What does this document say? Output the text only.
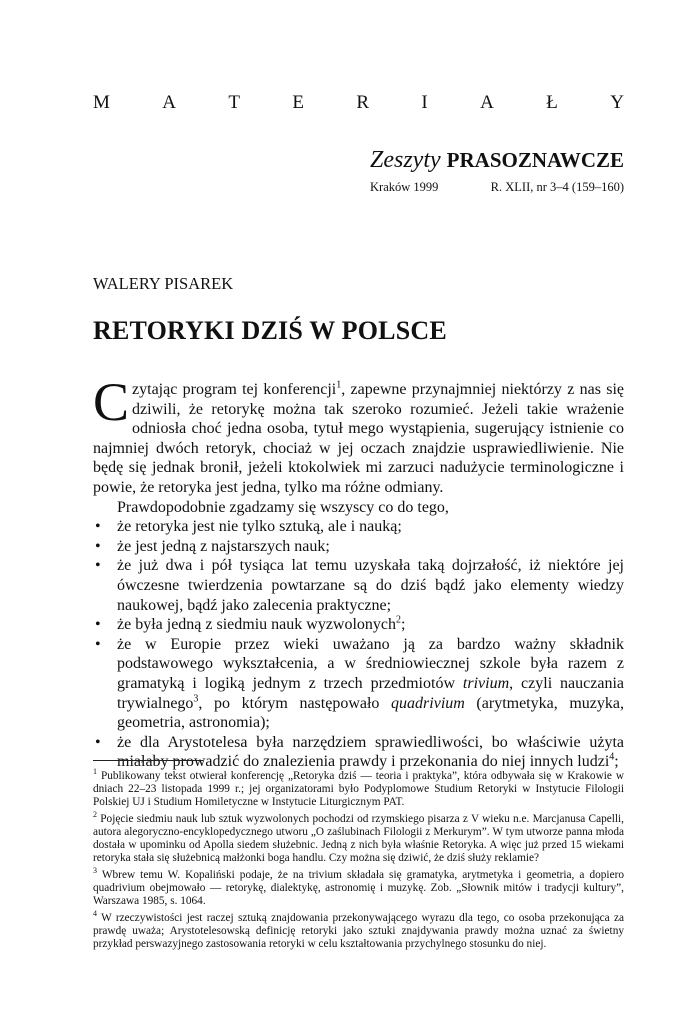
M	A	T	E	R	I	A	Ł	Y
Zeszyty PRASOZNAWCZE
Kraków 1999	R. XLII, nr 3–4 (159–160)
WALERY PISAREK
RETORYKI DZIŚ W POLSCE

Czytając program tej konferencji$^1$, zapewne przynajmniej niektórzy z nas się dziwili, że retorykę można tak szeroko rozumieć. Jeżeli takie wrażenie odniosła choć jedna osoba, tytuł mego wystąpienia, sugerujący istnienie co najmniej dwóch retoryk, chociaż w jej oczach znajdzie usprawiedliwienie. Nie będę się jednak bronił, jeżeli ktokolwiek mi zarzuci nadużycie terminologiczne i powie, że retoryka jest jedna, tylko ma różne odmiany.

Prawdopodobnie zgadzamy się wszyscy co do tego,

• że retoryka jest nie tylko sztuką, ale i nauką;
• że jest jedną z najstarszych nauk;
• że już dwa i pół tysiąca lat temu uzyskała taką dojrzałość, iż niektóre jej ówczesne twierdzenia powtarzane są do dziś bądź jako elementy wiedzy naukowej, bądź jako zalecenia praktyczne;
• że była jedną z siedmiu nauk wyzwolonych$^2$;
• że w Europie przez wieki uważano ją za bardzo ważny składnik podstawowego wykształcenia, a w średniowiecznej szkole była razem z gramatyką i logiką jednym z trzech przedmiotów trivium, czyli nauczania trywialnego$^3$, po którym następowało quadrivium (arytmetyka, muzyka, geometria, astronomia);
• że dla Arystotelesa była narzędziem sprawiedliwości, bo właściwie użyta miałaby prowadzić do znalezienia prawdy i przekonania do niej innych ludzi$^4$;

$^1$ Publikowany tekst otwierał konferencję „Retoryka dziś — teoria i praktyka”, która odbywała się w Krakowie w dniach 22–23 listopada 1999 r.; jej organizatorami było Podyplomowe Studium Retoryki w Instytucie Filologii Polskiej UJ i Studium Homiletyczne w Instytucie Liturgicznym PAT.

$^2$ Pojęcie siedmiu nauk lub sztuk wyzwolonych pochodzi od rzymskiego pisarza z V wieku n.e. Marcjanusa Capelli, autora alegoryczno-encyklopedycznego utworu „O zaślubinach Filologii z Merkurym”. W tym utworze panna młoda dostała w upominku od Apolla siedem służebnic. Jedną z nich była właśnie Retoryka. A więc już przed 15 wiekami retoryka stała się służebnicą małżonki boga handlu. Czy można się dziwić, że dziś służy reklamie?

$^3$ Wbrew temu W. Kopaliński podaje, że na trivium składała się gramatyka, arytmetyka i geometria, a dopiero quadrivium obejmowało — retorykę, dialektykę, astronomię i muzykę. Zob. „Słownik mitów i tradycji kultury”, Warszawa 1985, s. 1064.

$^4$ W rzeczywistości jest raczej sztuką znajdowania przekonywającego wyrazu dla tego, co osoba przekonująca za prawdę uważa; Arystotelesowską definicję retoryki jako sztuki znajdywania prawdy można uznać za świetny przykład perswazyjnego zastosowania retoryki w celu kształtowania przychylnego stosunku do niej.
